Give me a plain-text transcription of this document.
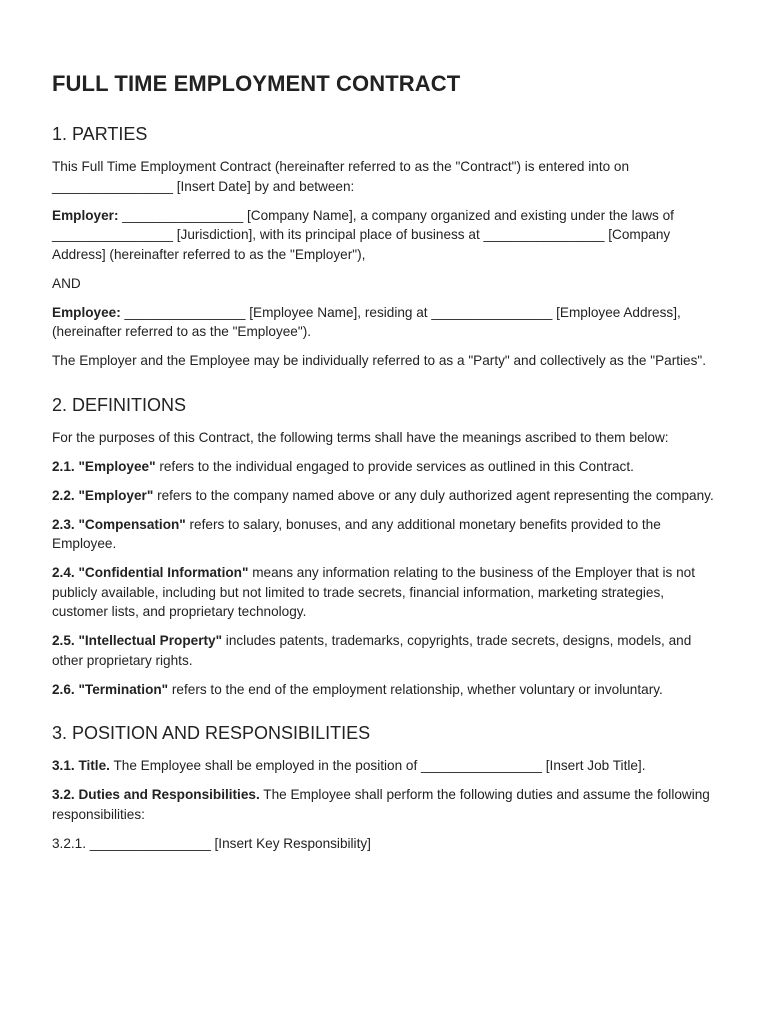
FULL TIME EMPLOYMENT CONTRACT
1. PARTIES

This Full Time Employment Contract (hereinafter referred to as the "Contract") is entered into on ________________ [Insert Date] by and between:

Employer: ________________ [Company Name], a company organized and existing under the laws of ________________ [Jurisdiction], with its principal place of business at ________________ [Company Address] (hereinafter referred to as the "Employer"),

AND

Employee: ________________ [Employee Name], residing at ________________ [Employee Address], (hereinafter referred to as the "Employee").

The Employer and the Employee may be individually referred to as a "Party" and collectively as the "Parties".

2. DEFINITIONS

For the purposes of this Contract, the following terms shall have the meanings ascribed to them below:

2.1. "Employee" refers to the individual engaged to provide services as outlined in this Contract.

2.2. "Employer" refers to the company named above or any duly authorized agent representing the company.

2.3. "Compensation" refers to salary, bonuses, and any additional monetary benefits provided to the Employee.

2.4. "Confidential Information" means any information relating to the business of the Employer that is not publicly available, including but not limited to trade secrets, financial information, marketing strategies, customer lists, and proprietary technology.

2.5. "Intellectual Property" includes patents, trademarks, copyrights, trade secrets, designs, models, and other proprietary rights.

2.6. "Termination" refers to the end of the employment relationship, whether voluntary or involuntary.

3. POSITION AND RESPONSIBILITIES

3.1. Title. The Employee shall be employed in the position of ________________ [Insert Job Title].

3.2. Duties and Responsibilities. The Employee shall perform the following duties and assume the following responsibilities:

3.2.1. ________________ [Insert Key Responsibility]
